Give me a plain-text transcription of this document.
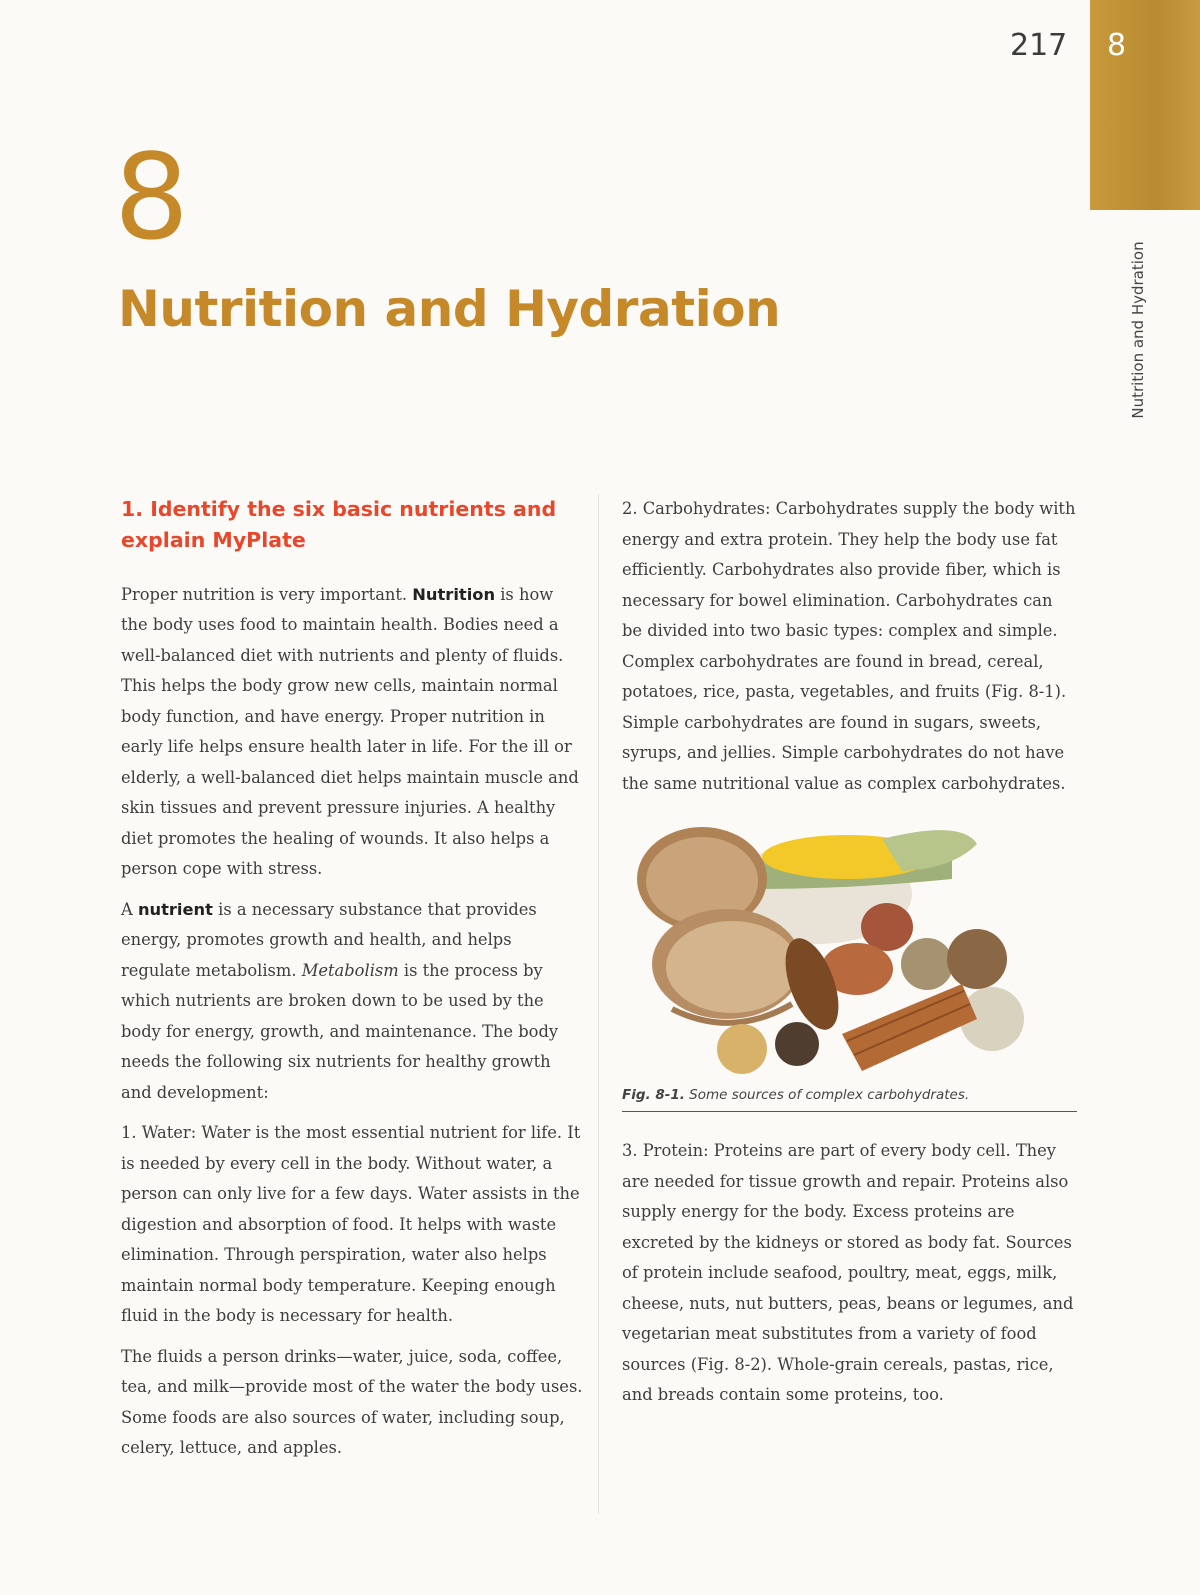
217 8
Nutrition and Hydration
8
Nutrition and Hydration
1. Identify the six basic nutrients and explain MyPlate

Proper nutrition is very important. Nutrition is how the body uses food to maintain health. Bodies need a well-balanced diet with nutrients and plenty of fluids. This helps the body grow new cells, maintain normal body function, and have energy. Proper nutrition in early life helps ensure health later in life. For the ill or elderly, a well-balanced diet helps maintain muscle and skin tissues and prevent pressure injuries. A healthy diet promotes the healing of wounds. It also helps a person cope with stress.

A nutrient is a necessary substance that provides energy, promotes growth and health, and helps regulate metabolism. Metabolism is the process by which nutrients are broken down to be used by the body for energy, growth, and maintenance. The body needs the following six nutrients for healthy growth and development:

1. Water: Water is the most essential nutrient for life. It is needed by every cell in the body. Without water, a person can only live for a few days. Water assists in the digestion and absorption of food. It helps with waste elimination. Through perspiration, water also helps maintain normal body temperature. Keeping enough fluid in the body is necessary for health.

The fluids a person drinks—water, juice, soda, coffee, tea, and milk—provide most of the water the body uses. Some foods are also sources of water, including soup, celery, lettuce, and apples.

2. Carbohydrates: Carbohydrates supply the body with energy and extra protein. They help the body use fat efficiently. Carbohydrates also provide fiber, which is necessary for bowel elimination. Carbohydrates can be divided into two basic types: complex and simple. Complex carbohydrates are found in bread, cereal, potatoes, rice, pasta, vegetables, and fruits (Fig. 8-1). Simple carbohydrates are found in sugars, sweets, syrups, and jellies. Simple carbohydrates do not have the same nutritional value as complex carbohydrates.

Fig. 8-1. Some sources of complex carbohydrates.

3. Protein: Proteins are part of every body cell. They are needed for tissue growth and repair. Proteins also supply energy for the body. Excess proteins are excreted by the kidneys or stored as body fat. Sources of protein include seafood, poultry, meat, eggs, milk, cheese, nuts, nut butters, peas, beans or legumes, and vegetarian meat substitutes from a variety of food sources (Fig. 8-2). Whole-grain cereals, pastas, rice, and breads contain some proteins, too.
